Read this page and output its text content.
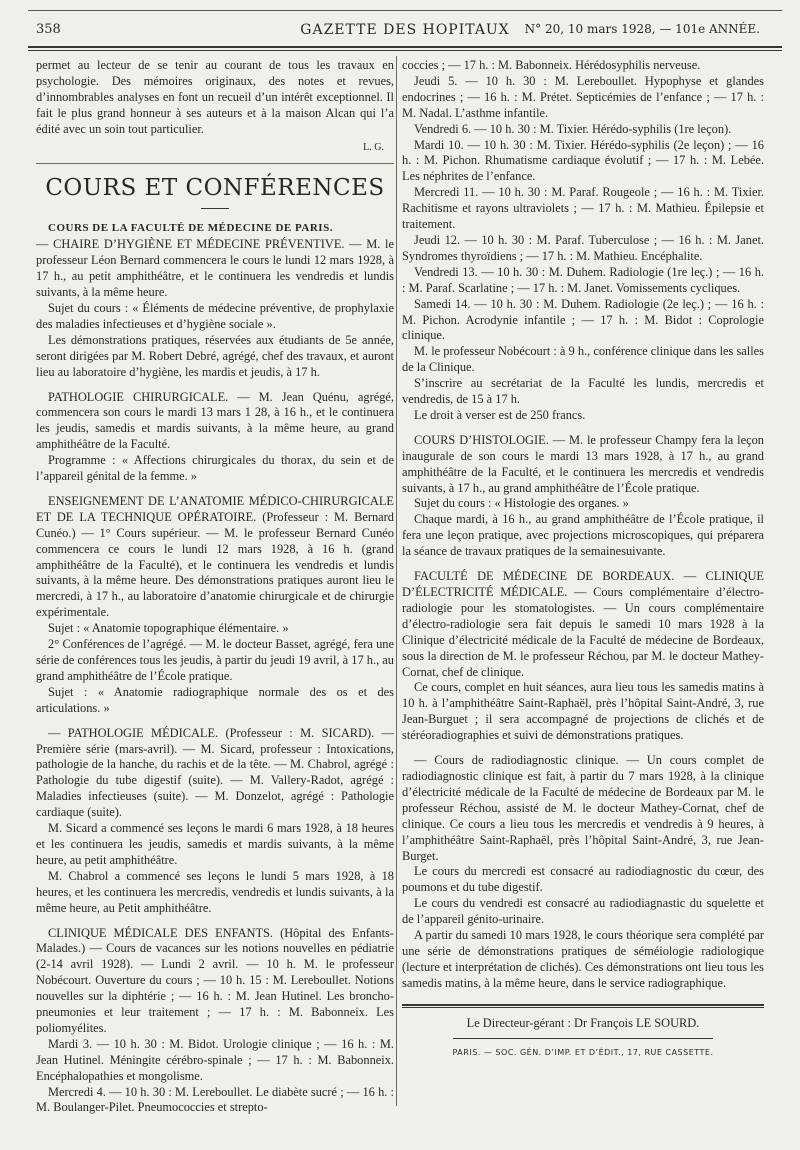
358	GAZETTE DES HOPITAUX	N° 20, 10 mars 1928, — 101e ANNÉE.

permet au lecteur de se tenir au courant de tous les travaux en psychologie. Des mémoires originaux, des notes et revues, d’innombrables analyses en font un recueil d’un intérêt exceptionnel. Il fait le plus grand honneur à ses auteurs et à la maison Alcan qui l’a édité avec un soin tout particulier.

L. G.
COURS ET CONFÉRENCES

COURS DE LA FACULTÉ DE MÉDECINE DE PARIS.

— CHAIRE D’HYGIÈNE ET MÉDECINE PRÉVENTIVE. — M. le professeur Léon Bernard commencera le cours le lundi 12 mars 1928, à 17 h., au petit amphithéâtre, et le continuera les vendredis et lundis suivants, à la même heure.

Sujet du cours : « Éléments de médecine préventive, de prophylaxie des maladies infectieuses et d’hygiène sociale ».

Les démonstrations pratiques, réservées aux étudiants de 5e année, seront dirigées par M. Robert Debré, agrégé, chef des travaux, et auront lieu au laboratoire d’hygiène, les mardis et jeudis, à 17 h.

PATHOLOGIE CHIRURGICALE. — M. Jean Quénu, agrégé, commencera son cours le mardi 13 mars 1 28, à 16 h., et le continuera les jeudis, samedis et mardis suivants, à la même heure, au grand amphithéâtre de la Faculté.

Programme : « Affections chirurgicales du thorax, du sein et de l’appareil génital de la femme. »

ENSEIGNEMENT DE L’ANATOMIE MÉDICO-CHIRURGICALE ET DE LA TECHNIQUE OPÉRATOIRE. (Professeur : M. Bernard Cunéo.) — 1° Cours supérieur. — M. le professeur Bernard Cunéo commencera ce cours le lundi 12 mars 1928, à 16 h. (grand amphithéâtre de la Faculté), et le continuera les vendredis et lundis suivants, à la même heure. Des démonstrations pratiques auront lieu le mercredi, à 17 h., au laboratoire d’anatomie chirurgicale et de chirurgie expérimentale.

Sujet : « Anatomie topographique élémentaire. »

2° Conférences de l’agrégé. — M. le docteur Basset, agrégé, fera une série de conférences tous les jeudis, à partir du jeudi 19 avril, à 17 h., au grand amphithéâtre de l’École pratique.

Sujet : « Anatomie radiographique normale des os et des articulations. »

— PATHOLOGIE MÉDICALE. (Professeur : M. SICARD). — Première série (mars-avril). — M. Sicard, professeur : Intoxications, pathologie de la hanche, du rachis et de la tête. — M. Chabrol, agrégé : Pathologie du tube digestif (suite). — M. Vallery-Radot, agrégé : Maladies infectieuses (suite). — M. Donzelot, agrégé : Pathologie cardiaque (suite).

M. Sicard a commencé ses leçons le mardi 6 mars 1928, à 18 heures et les continuera les jeudis, samedis et mardis suivants, à la même heure, au petit amphithéâtre.

M. Chabrol a commencé ses leçons le lundi 5 mars 1928, à 18 heures, et les continuera les mercredis, vendredis et lundis suivants, à la même heure, au Petit amphithéâtre.

CLINIQUE MÉDICALE DES ENFANTS. (Hôpital des Enfants-Malades.) — Cours de vacances sur les notions nouvelles en pédiatrie (2-14 avril 1928). — Lundi 2 avril. — 10 h. M. le professeur Nobécourt. Ouverture du cours ; — 10 h. 15 : M. Lereboullet. Notions nouvelles sur la diphtérie ; — 16 h. : M. Jean Hutinel. Les broncho-pneumonies et leur traitement ; — 17 h. : M. Babonneix. Les poliomyélites.

Mardi 3. — 10 h. 30 : M. Bidot. Urologie clinique ; — 16 h. : M. Jean Hutinel. Méningite cérébro-spinale ; — 17 h. : M. Babonneix. Encéphalopathies et mongolisme.

Mercredi 4. — 10 h. 30 : M. Lereboullet. Le diabète sucré ; — 16 h. : M. Boulanger-Pilet. Pneumococcies et strepto-

coccies ; — 17 h. : M. Babonneix. Hérédosyphilis nerveuse.

Jeudi 5. — 10 h. 30 : M. Lereboullet. Hypophyse et glandes endocrines ; — 16 h. : M. Prétet. Septicémies de l’enfance ; — 17 h. : M. Nadal. L’asthme infantile.

Vendredi 6. — 10 h. 30 : M. Tixier. Hérédo-syphilis (1re leçon).

Mardi 10. — 10 h. 30 : M. Tixier. Hérédo-syphilis (2e leçon) ; — 16 h. : M. Pichon. Rhumatisme cardiaque évolutif ; — 17 h. : M. Lebée. Les néphrites de l’enfance.

Mercredi 11. — 10 h. 30 : M. Paraf. Rougeole ; — 16 h. : M. Tixier. Rachitisme et rayons ultraviolets ; — 17 h. : M. Mathieu. Épilepsie et traitement.

Jeudi 12. — 10 h. 30 : M. Paraf. Tuberculose ; — 16 h. : M. Janet. Syndromes thyroïdiens ; — 17 h. : M. Mathieu. Encéphalite.

Vendredi 13. — 10 h. 30 : M. Duhem. Radiologie (1re leç.) ; — 16 h. : M. Paraf. Scarlatine ; — 17 h. : M. Janet. Vomissements cycliques.

Samedi 14. — 10 h. 30 : M. Duhem. Radiologie (2e leç.) ; — 16 h. : M. Pichon. Acrodynie infantile ; — 17 h. : M. Bidot : Coprologie clinique.

M. le professeur Nobécourt : à 9 h., conférence clinique dans les salles de la Clinique.

S’inscrire au secrétariat de la Faculté les lundis, mercredis et vendredis, de 15 à 17 h.

Le droit à verser est de 250 francs.

COURS D’HISTOLOGIE. — M. le professeur Champy fera la leçon inaugurale de son cours le mardi 13 mars 1928, à 17 h., au grand amphithéâtre de la Faculté, et le continuera les mercredis et vendredis suivants, à 17 h., au grand amphithéâtre de l’École pratique.

Sujet du cours : « Histologie des organes. »

Chaque mardi, à 16 h., au grand amphithéâtre de l’École pratique, il fera une leçon pratique, avec projections microscopiques, qui préparera la séance de travaux pratiques de la semainesuivante.

FACULTÉ DE MÉDECINE DE BORDEAUX. — CLINIQUE D’ÉLECTRICITÉ MÉDICALE. — Cours complémentaire d’électro-radiologie pour les stomatologistes. — Un cours complémentaire d’électro-radiologie sera fait depuis le samedi 10 mars 1928 à la Clinique d’électricité médicale de la Faculté de médecine de Bordeaux, sous la direction de M. le professeur Réchou, par M. le docteur Mathey-Cornat, chef de clinique.

Ce cours, complet en huit séances, aura lieu tous les samedis matins à 10 h. à l’amphithéâtre Saint-Raphaël, près l’hôpital Saint-André, 3, rue Jean-Burguet ; il sera accompagné de projections de clichés et de stéréoradiographies et suivi de démonstrations pratiques.

— Cours de radiodiagnostic clinique. — Un cours complet de radiodiagnostic clinique est fait, à partir du 7 mars 1928, à la clinique d’électricité médicale de la Faculté de médecine de Bordeaux par M. le professeur Réchou, assisté de M. le docteur Mathey-Cornat, chef de clinique. Ce cours a lieu tous les mercredis et vendredis à 9 heures, à l’amphithéâtre Saint-Raphaël, près l’hôpital Saint-André, 3, rue Jean-Burget.

Le cours du mercredi est consacré au radiodiagnostic du cœur, des poumons et du tube digestif.

Le cours du vendredi est consacré au radiodiagnastic du squelette et de l’appareil génito-urinaire.

A partir du samedi 10 mars 1928, le cours théorique sera complété par une série de démonstrations pratiques de séméiologie radiologique (lecture et interprétation de clichés). Ces démonstrations ont lieu tous les samedis matins, à la même heure, dans le service radiographique.

Le Directeur-gérant : Dr François LE SOURD.
PARIS. — SOC. GÉN. D’IMP. ET D’ÉDIT., 17, RUE CASSETTE.
